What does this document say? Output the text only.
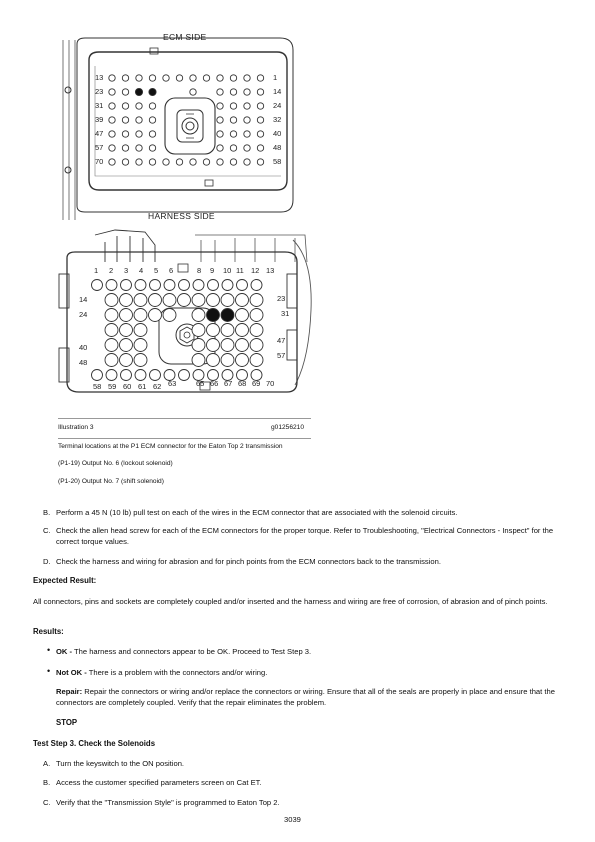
ECM SIDE
HARNESS SIDE
13
23
31
39
47
57
70
1
14
24
32
40
48
58
1 2 3 4 5 6	8 9 10 11 12 13
14
24
40
48
23
31
47
57
58 59 60 61 62 63	65 66 67 68 69 70
Illustration 3	g01256210
Terminal locations at the P1 ECM connector for the Eaton Top 2 transmission
(P1-19) Output No. 6 (lockout solenoid)
(P1-20) Output No. 7 (shift solenoid)
B. Perform a 45 N (10 lb) pull test on each of the wires in the ECM connector that are associated with the solenoid circuits.
C. Check the allen head screw for each of the ECM connectors for the proper torque. Refer to Troubleshooting, "Electrical Connectors - Inspect" for the correct torque values.
D. Check the harness and wiring for abrasion and for pinch points from the ECM connectors back to the transmission.
Expected Result:
All connectors, pins and sockets are completely coupled and/or inserted and the harness and wiring are free of corrosion, of abrasion and of pinch points.
Results:
• OK - The harness and connectors appear to be OK. Proceed to Test Step 3.
• Not OK - There is a problem with the connectors and/or wiring.
Repair: Repair the connectors or wiring and/or replace the connectors or wiring. Ensure that all of the seals are properly in place and ensure that the connectors are completely coupled. Verify that the repair eliminates the problem.
STOP
Test Step 3. Check the Solenoids
A. Turn the keyswitch to the ON position.
B. Access the customer specified parameters screen on Cat ET.
C. Verify that the "Transmission Style" is programmed to Eaton Top 2.
3039
